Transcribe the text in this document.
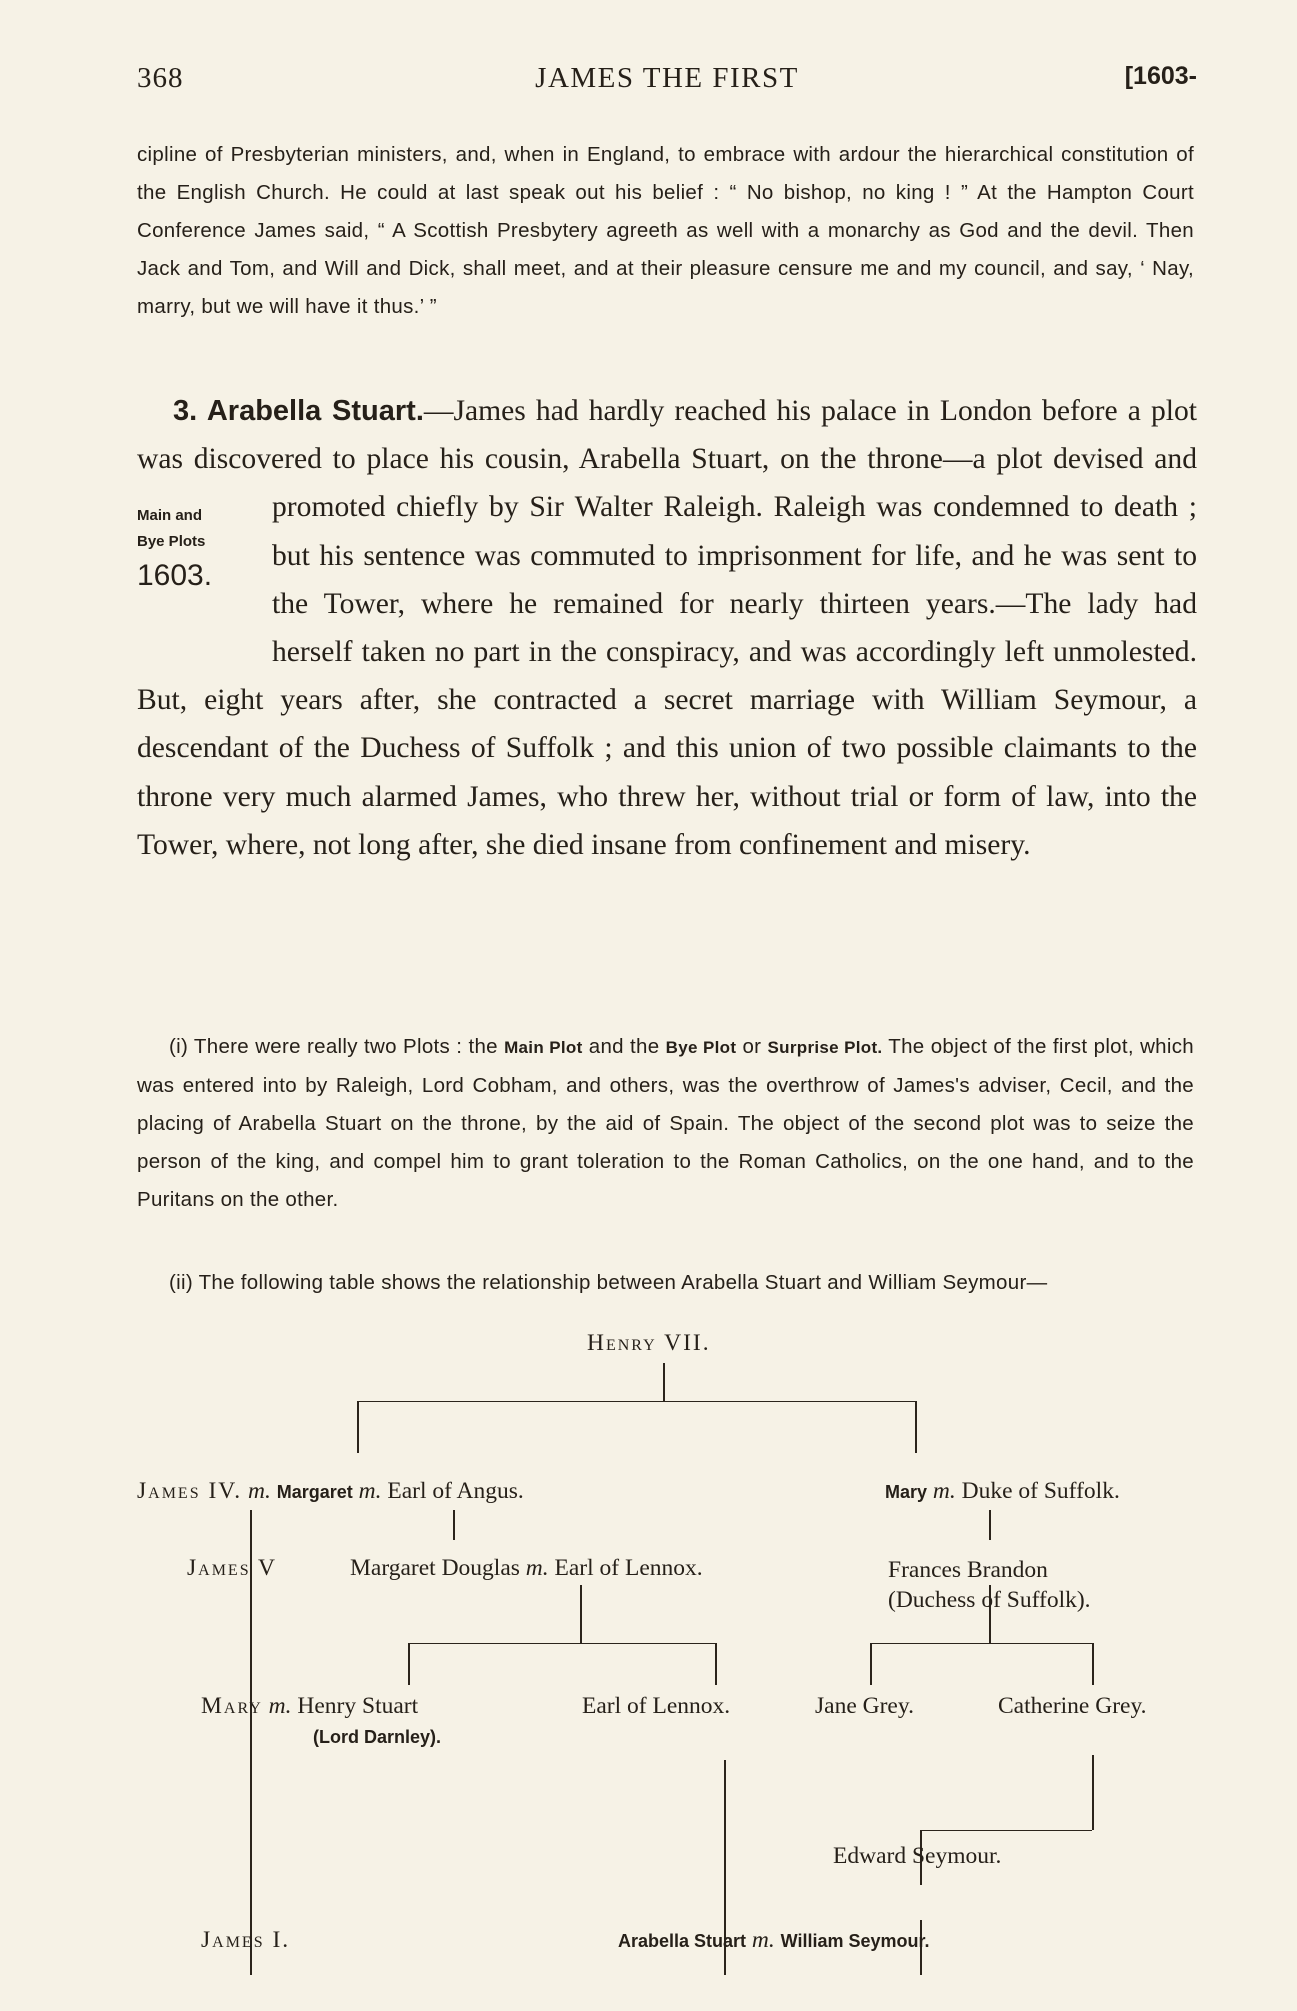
368	JAMES THE FIRST	[1603-

cipline of Presbyterian ministers, and, when in England, to embrace with ardour the hierarchical constitution of the English Church. He could at last speak out his belief : “ No bishop, no king ! ” At the Hampton Court Conference James said, “ A Scottish Presbytery agreeth as well with a monarchy as God and the devil. Then Jack and Tom, and Will and Dick, shall meet, and at their pleasure censure me and my council, and say, ‘ Nay, marry, but we will have it thus.’ ”

3. Arabella Stuart.—James had hardly reached his palace in London before a plot was discovered to place his cousin, Arabella Stuart, on the throne—a plot devised and promoted chiefly by Sir
Main and
Bye Plots
1603.
Walter Raleigh. Raleigh was condemned to death ; but his sentence was commuted to imprisonment for life, and he was sent to the Tower, where he remained for nearly thirteen years.—The lady had herself taken no part in the conspiracy, and was accordingly left unmolested. But, eight years after, she contracted a secret marriage with William Seymour, a descendant of the Duchess of Suffolk ; and this union of two possible claimants to the throne very much alarmed James, who threw her, without trial or form of law, into the Tower, where, not long after, she died insane from confinement and misery.

(i) There were really two Plots : the Main Plot and the Bye Plot or Surprise Plot. The object of the first plot, which was entered into by Raleigh, Lord Cobham, and others, was the overthrow of James's adviser, Cecil, and the placing of Arabella Stuart on the throne, by the aid of Spain. The object of the second plot was to seize the person of the king, and compel him to grant toleration to the Roman Catholics, on the one hand, and to the Puritans on the other.

(ii) The following table shows the relationship between Arabella Stuart and William Seymour—

Henry VII.
James IV. m. Margaret m. Earl of Angus.	Mary m. Duke of Suffolk.
James V	Margaret Douglas m. Earl of Lennox.	Frances Brandon
(Duchess of Suffolk).
Mary m. Henry Stuart
(Lord Darnley).
Earl of Lennox.	Jane Grey.	Catherine Grey.
Edward Seymour.
James I.	Arabella Stuart m. William Seymour.
